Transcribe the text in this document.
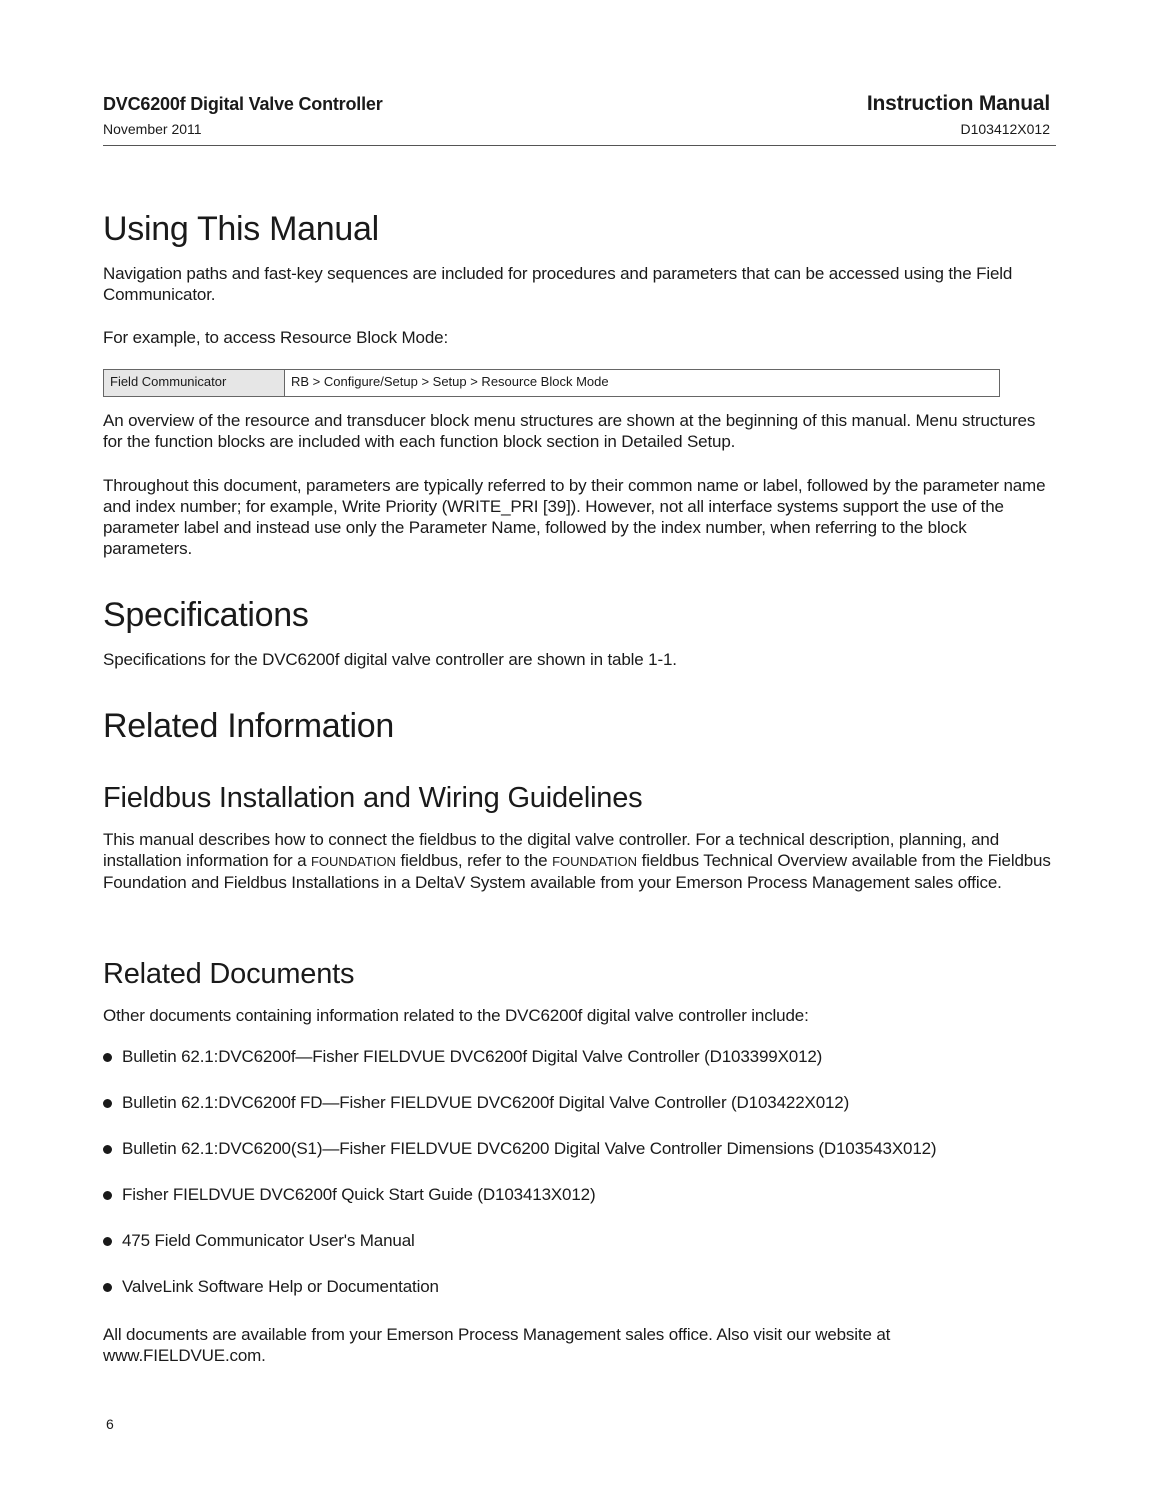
DVC6200f Digital Valve Controller
November 2011
Instruction Manual
D103412X012
Using This Manual

Navigation paths and fast-key sequences are included for procedures and parameters that can be accessed using the Field Communicator.

For example, to access Resource Block Mode:

Field Communicator	RB > Configure/Setup > Setup > Resource Block Mode

An overview of the resource and transducer block menu structures are shown at the beginning of this manual. Menu structures for the function blocks are included with each function block section in Detailed Setup.

Throughout this document, parameters are typically referred to by their common name or label, followed by the parameter name and index number; for example, Write Priority (WRITE_PRI [39]). However, not all interface systems support the use of the parameter label and instead use only the Parameter Name, followed by the index number, when referring to the block parameters.

Specifications

Specifications for the DVC6200f digital valve controller are shown in table 1-1.

Related Information
Fieldbus Installation and Wiring Guidelines

This manual describes how to connect the fieldbus to the digital valve controller. For a technical description, planning, and installation information for a FOUNDATION fieldbus, refer to the FOUNDATION fieldbus Technical Overview available from the Fieldbus Foundation and Fieldbus Installations in a DeltaV System available from your Emerson Process Management sales office.

Related Documents

Other documents containing information related to the DVC6200f digital valve controller include:

Bulletin 62.1:DVC6200f—Fisher FIELDVUE DVC6200f Digital Valve Controller (D103399X012)
Bulletin 62.1:DVC6200f FD—Fisher FIELDVUE DVC6200f Digital Valve Controller (D103422X012)
Bulletin 62.1:DVC6200(S1)—Fisher FIELDVUE DVC6200 Digital Valve Controller Dimensions (D103543X012)
Fisher FIELDVUE DVC6200f Quick Start Guide (D103413X012)
475 Field Communicator User's Manual
ValveLink Software Help or Documentation

All documents are available from your Emerson Process Management sales office. Also visit our website at www.FIELDVUE.com.

6
